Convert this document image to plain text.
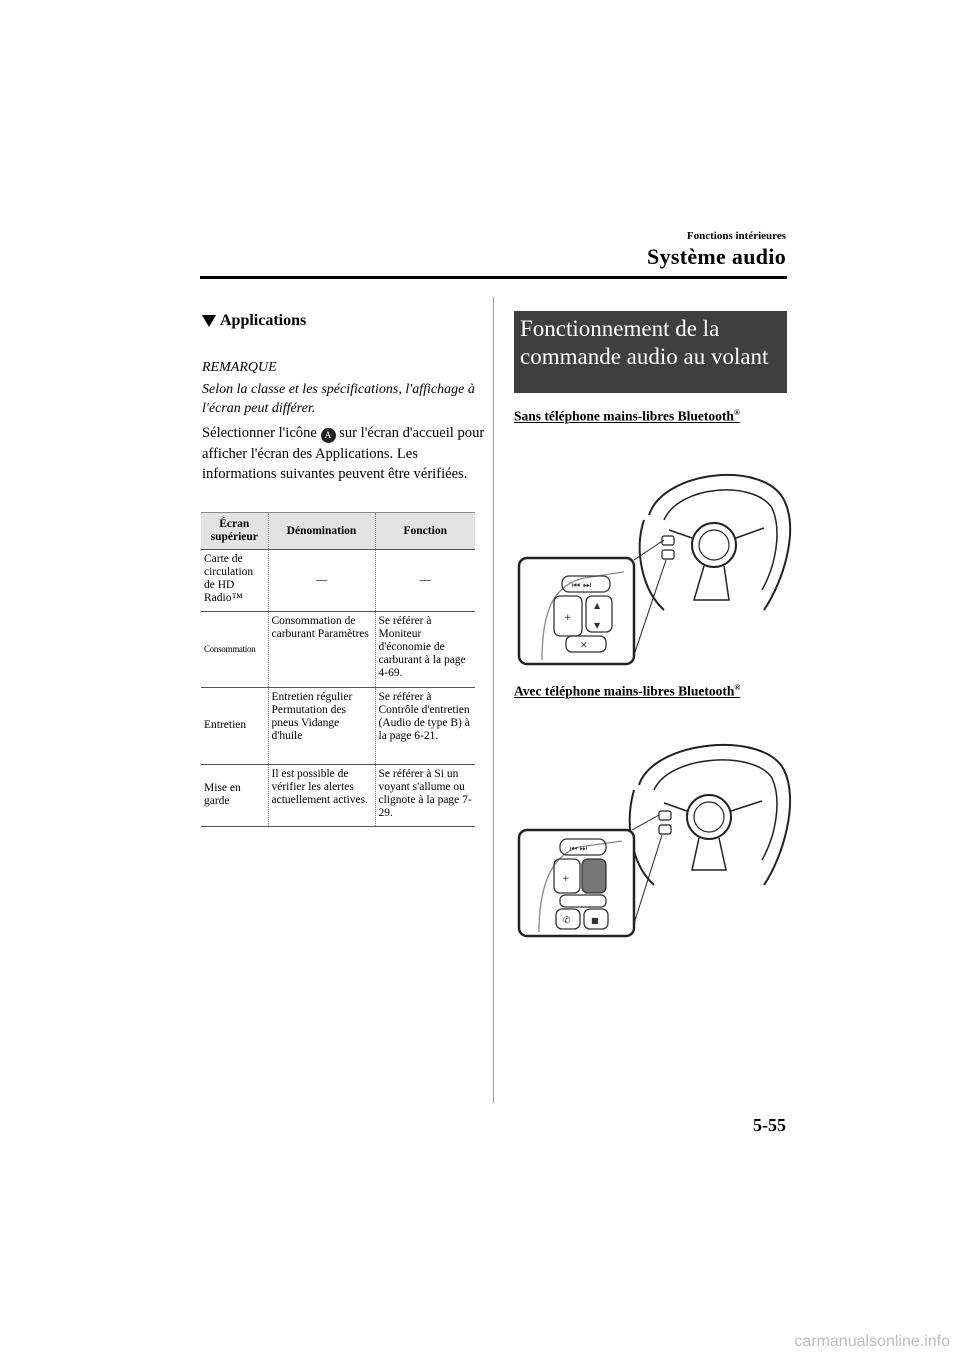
Fonctions intérieures
Système audio
Applications
REMARQUE
Selon la classe et les spécifications, l'affichage à l'écran peut différer.
Sélectionner l'icône A sur l'écran d'accueil pour afficher l'écran des Applications. Les informations suivantes peuvent être vérifiées.
Écran supérieur	Dénomination	Fonction
Carte de circulation de HD Radio™	—	—
Consommation	Consommation de carburant Paramètres	Se référer à Moniteur d'économie de carburant à la page 4-69.
Entretien	Entretien régulier Permutation des pneus Vidange d'huile	Se référer à Contrôle d'entretien (Audio de type B) à la page 6-21.
Mise en garde	Il est possible de vérifier les alertes actuellement actives.	Se référer à Si un voyant s'allume ou clignote à la page 7-29.
Fonctionnement de la commande audio au volant
Sans téléphone mains-libres Bluetooth®
Avec téléphone mains-libres Bluetooth®
⏮ ⏭
+
▲
▼
✕
⏮ ⏭
+
✆	■
5-55
carmanualsonline.info
